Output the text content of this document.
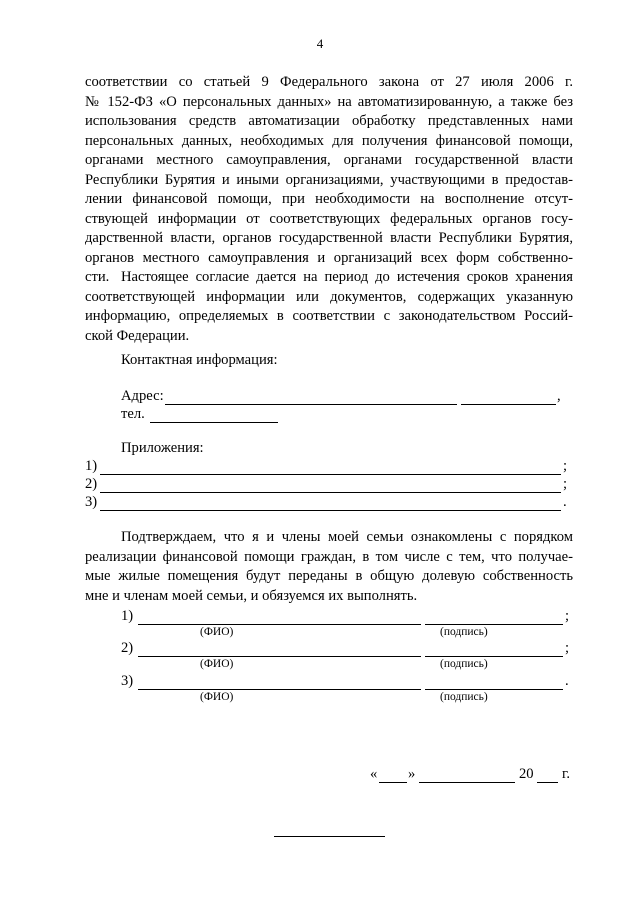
4
соответствии со статьей 9 Федерального закона от 27 июля 2006 г.
№ 152-ФЗ «О персональных данных» на автоматизированную, а также без
использования средств автоматизации обработку представленных нами
персональных данных, необходимых для получения финансовой помощи,
органами местного самоуправления, органами государственной власти
Республики Бурятия и иными организациями, участвующими в предостав-
лении финансовой помощи, при необходимости на восполнение отсут-
ствующей информации от соответствующих федеральных органов госу-
дарственной власти, органов государственной власти Республики Бурятия,
органов местного самоуправления и организаций всех форм собственно-
сти. Настоящее согласие дается на период до истечения сроков хранения
соответствующей информации или документов, содержащих указанную
информацию, определяемых в соответствии с законодательством Россий-
ской Федерации.
Контактная информация:
Адрес:	,
тел.
Приложения:
1)	;
2)	;
3)	.
Подтверждаем, что я и члены моей семьи ознакомлены с порядком
реализации финансовой помощи граждан, в том числе с тем, что получае-
мые жилые помещения будут переданы в общую долевую собственность
мне и членам моей семьи, и обязуемся их выполнять.
1)	;
(ФИО)	(подпись)
2)	;
(ФИО)	(подпись)
3)	.
(ФИО)	(подпись)
« »	20 г.
